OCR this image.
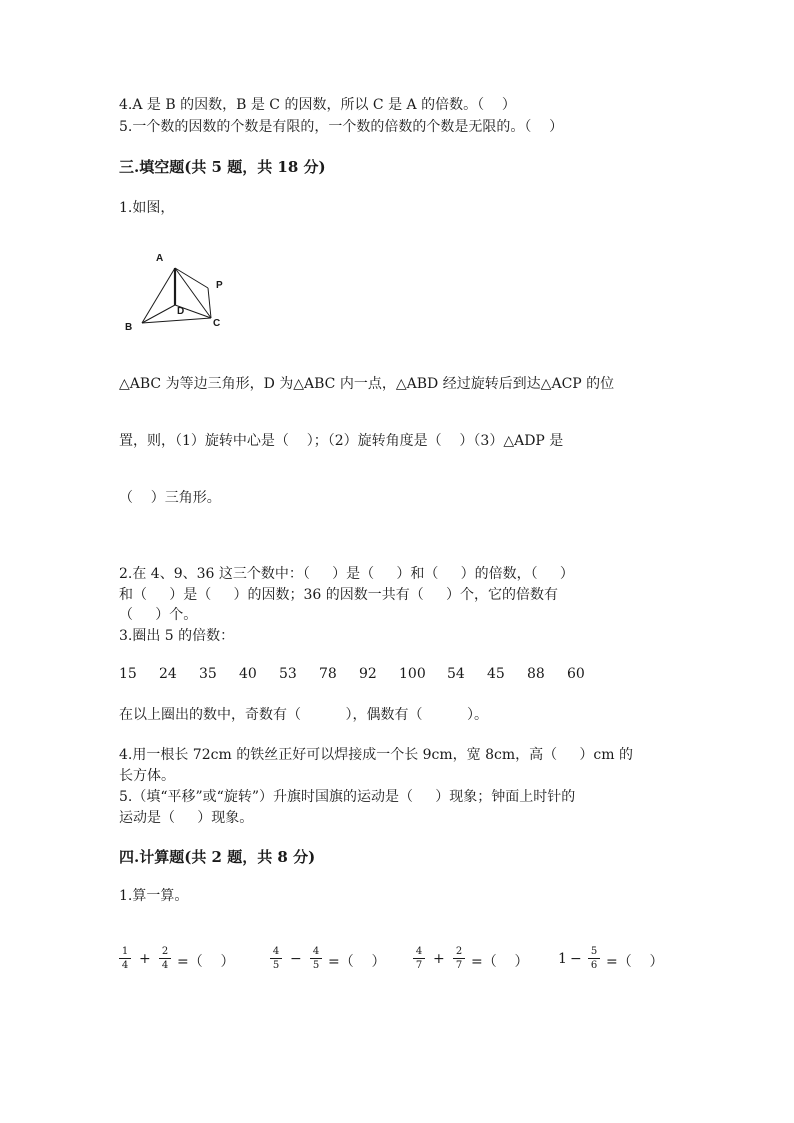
4.A 是 B 的因数，B 是 C 的因数，所以 C 是 A 的倍数。（    ）
5.一个数的因数的个数是有限的，一个数的倍数的个数是无限的。（    ）
三.填空题(共 5 题，共 18 分)
1.如图，
A
B	C
D
P
△ABC 为等边三角形，D 为△ABC 内一点，△ABD 经过旋转后到达△ACP 的位
置，则，（1）旋转中心是（    ）；（2）旋转角度是（    ）（3）△ADP 是
（    ）三角形。
2.在 4、9、36 这三个数中：（     ）是（     ）和（     ）的倍数，（     ）
和（     ）是（     ）的因数；36 的因数一共有（     ）个，它的倍数有
（     ）个。
3.圈出 5 的倍数：
15 24 35 40 53 78 92 100 54 45 88 60
在以上圈出的数中，奇数有（          ），偶数有（          ）。
4.用一根长 72cm 的铁丝正好可以焊接成一个长 9cm，宽 8cm，高（     ）cm 的
长方体。
5.（填“平移”或“旋转”）升旗时国旗的运动是（     ）现象；钟面上时针的
运动是（     ）现象。
四.计算题(共 2 题，共 8 分)
1.算一算。
$\frac{1}{4} + \frac{2}{4}$ =（    ）	$\frac{4}{5} - \frac{4}{5}$ =（    ）	$\frac{4}{7} + \frac{2}{7}$ =（    ） $1 - \frac{5}{6}$ =（    ）
